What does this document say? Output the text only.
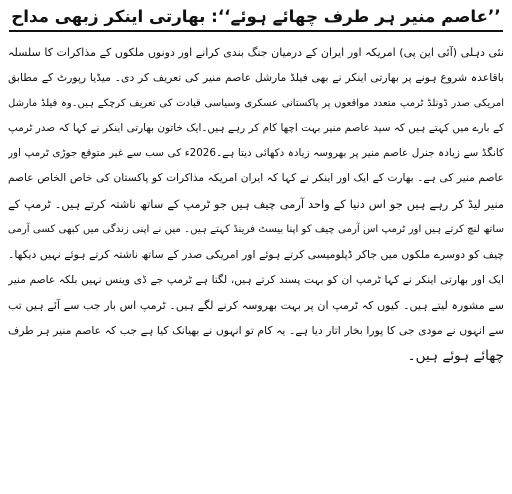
’’عاصم منیر ہر طرف چھائے ہوئے‘‘: بھارتی اینکر زبھی مداح
نئی دہلی (آئی این پی) امریکہ اور ایران کے درمیان جنگ بندی کرانے اور دونوں ملکوں کے مذاکرات کا سلسلہ
باقاعدہ شروع ہونے پر بھارتی اینکر نے بھی فیلڈ مارشل عاصم منیر کی تعریف کر دی۔ میڈیا رپورٹ کے مطابق
امریکی صدر ڈونلڈ ٹرمپ متعدد مواقعوں پر پاکستانی عسکری وسیاسی قیادت کی تعریف کرچکے ہیں۔وہ فیلڈ مارشل
کے بارے میں کہتے ہیں کہ سید عاصم منیر بہت اچھا کام کر رہے ہیں۔ایک خاتون بھارتی اینکر نے کہا کہ صدر ٹرمپ
کانگڈ سے زیادہ جنرل عاصم منیر پر بھروسہ زیادہ دکھائی دیتا ہے۔2026ء کی سب سے غیر متوقع جوڑی ٹرمپ اور
عاصم منیر کی ہے۔ بھارت کے ایک اور اینکر نے کہا کہ ایران امریکہ مذاکرات کو پاکستان کی خاص الخاص عاصم
منیر لیڈ کر رہے ہیں جو اس دنیا کے واحد آرمی چیف ہیں جو ٹرمپ کے ساتھ ناشتہ کرتے ہیں۔ ٹرمپ کے
ساتھ لنچ کرتے ہیں اور ٹرمپ اس آرمی چیف کو اپنا بیسٹ فرینڈ کہتے ہیں۔ میں نے اپنی زندگی میں کبھی کسی آرمی
چیف کو دوسرے ملکوں میں جاکر ڈپلومیسی کرتے ہوئے اور امریکی صدر کے ساتھ ناشتہ کرتے ہوئے نہیں دیکھا۔
ایک اور بھارتی اینکر نے کہا ٹرمپ ان کو بہت پسند کرتے ہیں، لگتا ہے ٹرمپ جے ڈی وینس نہیں بلکہ عاصم منیر
سے مشورہ لیتے ہیں۔ کیوں کہ ٹرمپ ان پر بہت بھروسہ کرنے لگے ہیں۔ ٹرمپ اس بار جب سے آئے ہیں تب
سے انہوں نے مودی جی کا پورا بخار اتار دیا ہے۔ یہ کام تو انہوں نے بھیانک کیا ہے جب کہ عاصم منیر ہر طرف
چھائے ہوئے ہیں۔
